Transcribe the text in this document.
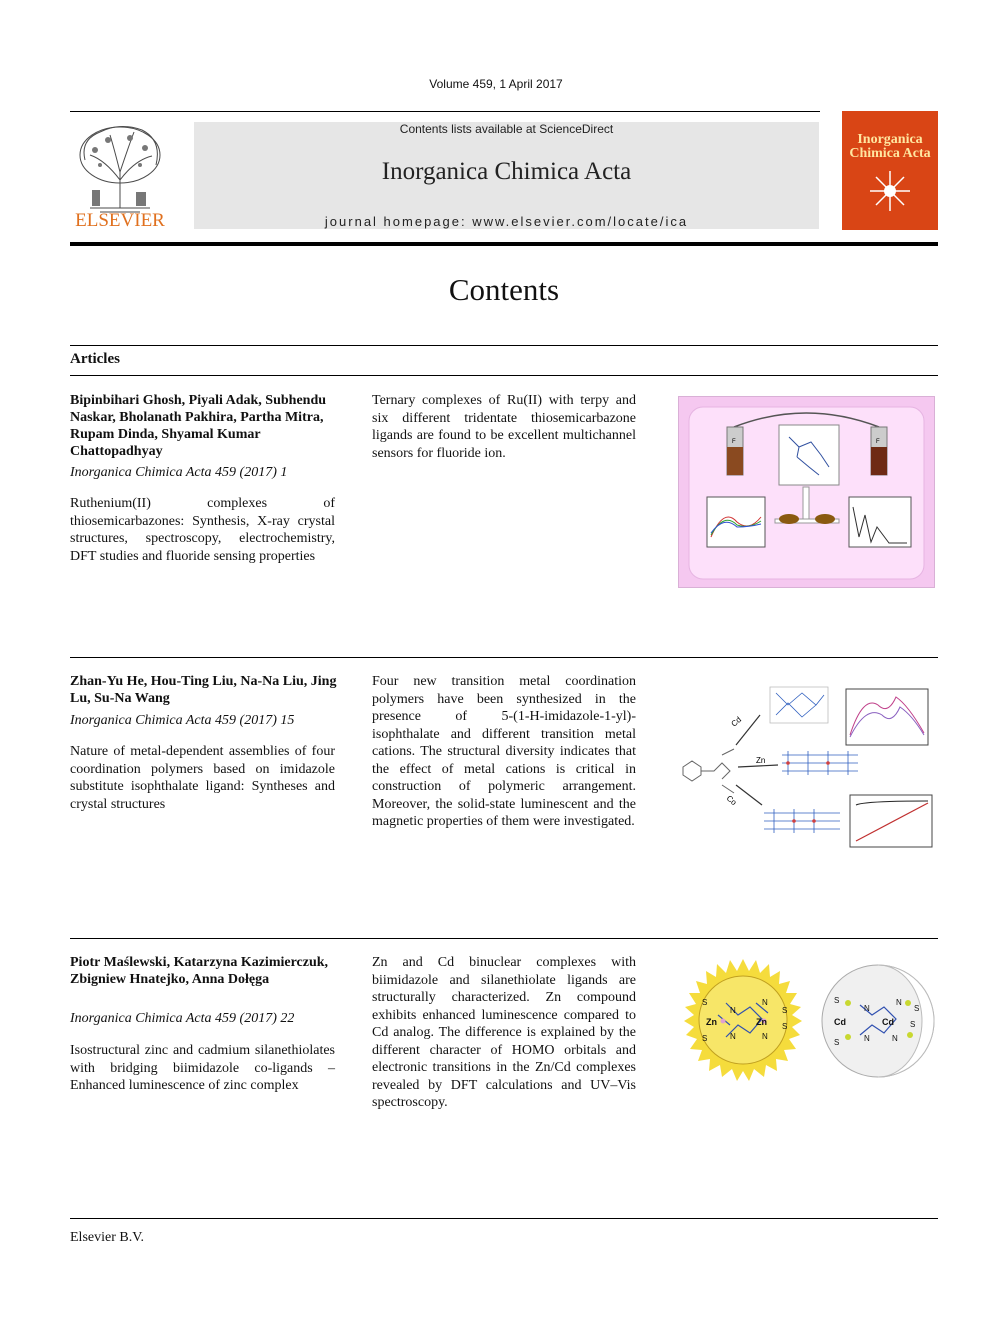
Volume 459, 1 April 2017
ELSEVIER
Contents lists available at ScienceDirect
Inorganica Chimica Acta
journal homepage: www.elsevier.com/locate/ica
Inorganica
Chimica Acta
Contents
Articles
Bipinbihari Ghosh, Piyali Adak, Subhendu Naskar, Bholanath Pakhira, Partha Mitra, Rupam Dinda, Shyamal Kumar Chattopadhyay
Inorganica Chimica Acta 459 (2017) 1
Ruthenium(II) complexes of thiosemicarbazones: Synthesis, X-ray crystal structures, spectroscopy, electrochemistry, DFT studies and fluoride sensing properties
Ternary complexes of Ru(II) with terpy and six different tridentate thiosemicarbazone ligands are found to be excellent multichannel sensors for fluoride ion.
F	F
Zhan-Yu He, Hou-Ting Liu, Na-Na Liu, Jing Lu, Su-Na Wang
Inorganica Chimica Acta 459 (2017) 15
Nature of metal-dependent assemblies of four coordination polymers based on imidazole substitute isophthalate ligand: Syntheses and crystal structures
Four new transition metal coordination polymers have been synthesized in the presence of 5-(1-H-imidazole-1-yl)-isophthalate and different transition metal cations. The structural diversity indicates that the effect of metal cations is critical in construction of polymeric arrangement. Moreover, the solid-state luminescent and the magnetic properties of them were investigated.
Cd
Zn
Co
Piotr Maślewski, Katarzyna Kazimierczuk, Zbigniew Hnatejko, Anna Dołęga
Inorganica Chimica Acta 459 (2017) 22
Isostructural zinc and cadmium silanethiolates with bridging biimidazole co-ligands – Enhanced luminescence of zinc complex
Zn and Cd binuclear complexes with biimidazole and silanethiolate ligands are structurally characterized. Zn compound exhibits enhanced luminescence compared to Cd analog. The difference is explained by the different character of HOMO orbitals and electronic transitions in the Zn/Cd complexes revealed by DFT calculations and UV–Vis spectroscopy.
Zn	Zn
S
S
S
S
N
N
N	N
Cd	Cd
S
S
S
S
N
N
N	N
Elsevier B.V.
